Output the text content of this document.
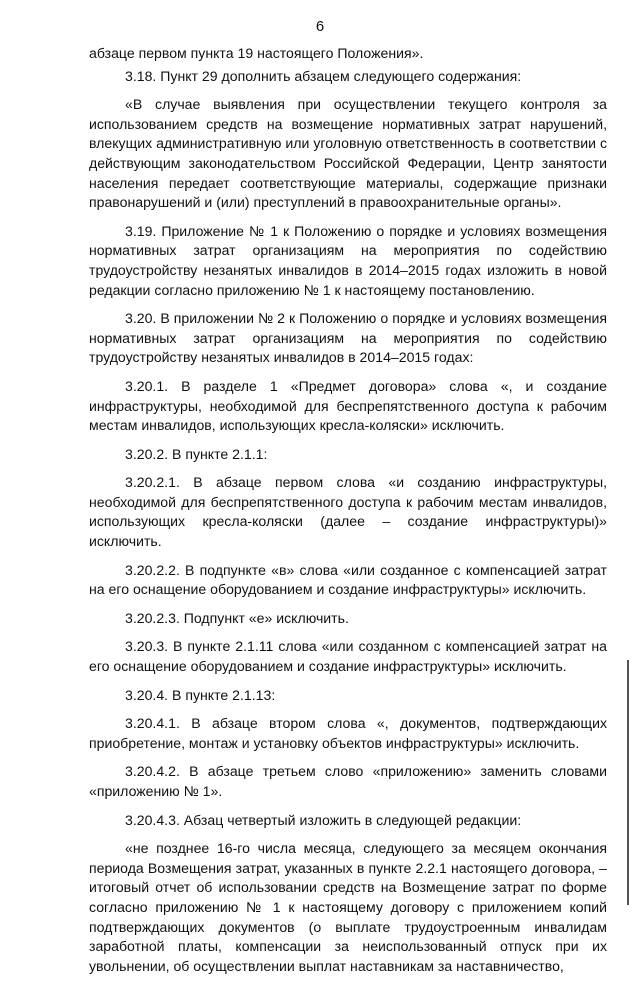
6

абзаце первом пункта 19 настоящего Положения».

3.18. Пункт 29 дополнить абзацем следующего содержания:

«В случае выявления при осуществлении текущего контроля за использованием средств на возмещение нормативных затрат нарушений, влекущих административную или уголовную ответственность в соответствии с действующим законодательством Российской Федерации, Центр занятости населения передает соответствующие материалы, содержащие признаки правонарушений и (или) преступлений в правоохранительные органы».

3.19. Приложение № 1 к Положению о порядке и условиях возмещения нормативных затрат организациям на мероприятия по содействию трудоустройству незанятых инвалидов в 2014–2015 годах изложить в новой редакции согласно приложению № 1 к настоящему постановлению.

3.20. В приложении № 2 к Положению о порядке и условиях возмещения нормативных затрат организациям на мероприятия по содействию трудоустройству незанятых инвалидов в 2014–2015 годах:

3.20.1. В разделе 1 «Предмет договора» слова «, и создание инфраструктуры, необходимой для беспрепятственного доступа к рабочим местам инвалидов, использующих кресла-коляски» исключить.

3.20.2. В пункте 2.1.1:

3.20.2.1. В абзаце первом слова «и созданию инфраструктуры, необходимой для беспрепятственного доступа к рабочим местам инвалидов, использующих кресла-коляски (далее – создание инфраструктуры)» исключить.

3.20.2.2. В подпункте «в» слова «или созданное с компенсацией затрат на его оснащение оборудованием и создание инфраструктуры» исключить.

3.20.2.3. Подпункт «е» исключить.

3.20.3. В пункте 2.1.11 слова «или созданном с компенсацией затрат на его оснащение оборудованием и создание инфраструктуры» исключить.

3.20.4. В пункте 2.1.13:

3.20.4.1. В абзаце втором слова «, документов, подтверждающих приобретение, монтаж и установку объектов инфраструктуры» исключить.

3.20.4.2. В абзаце третьем слово «приложению» заменить словами «приложению № 1».

3.20.4.3. Абзац четвертый изложить в следующей редакции:

«не позднее 16-го числа месяца, следующего за месяцем окончания периода Возмещения затрат, указанных в пункте 2.2.1 настоящего договора, – итоговый отчет об использовании средств на Возмещение затрат по форме согласно приложению № 1 к настоящему договору с приложением копий подтверждающих документов (о выплате трудоустроенным инвалидам заработной платы, компенсации за неиспользованный отпуск при их увольнении, об осуществлении выплат наставникам за наставничество,
